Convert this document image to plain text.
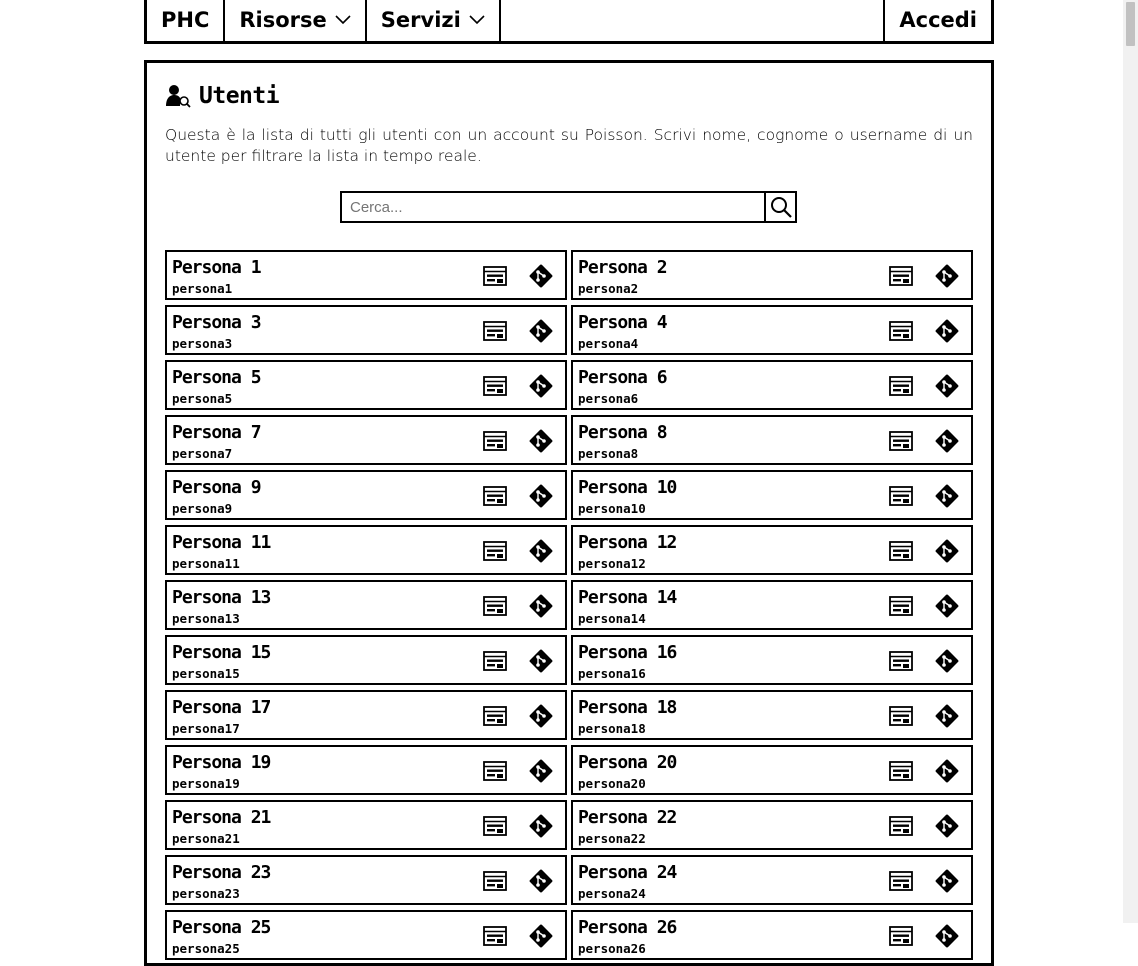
PHC Risorse	Servizi	Accedi
Utenti
Questa è la lista di tutti gli utenti con un account su Poisson. Scrivi nome, cognome o username di un utente per filtrare la lista in tempo reale.
Cerca...
Persona 1
persona1
Persona 2
persona2
Persona 3
persona3
Persona 4
persona4
Persona 5
persona5
Persona 6
persona6
Persona 7
persona7
Persona 8
persona8
Persona 9
persona9
Persona 10
persona10
Persona 11
persona11
Persona 12
persona12
Persona 13
persona13
Persona 14
persona14
Persona 15
persona15
Persona 16
persona16
Persona 17
persona17
Persona 18
persona18
Persona 19
persona19
Persona 20
persona20
Persona 21
persona21
Persona 22
persona22
Persona 23
persona23
Persona 24
persona24
Persona 25
persona25
Persona 26
persona26
